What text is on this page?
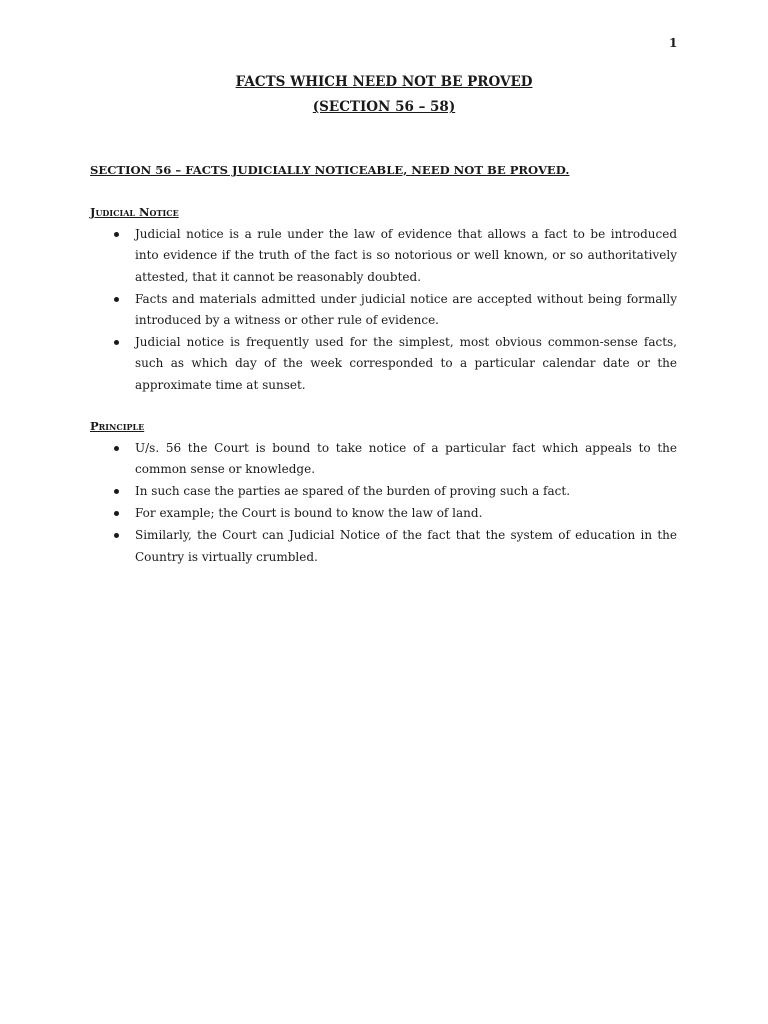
1
FACTS WHICH NEED NOT BE PROVED
(SECTION 56 – 58)
SECTION 56 – FACTS JUDICIALLY NOTICEABLE, NEED NOT BE PROVED.
Judicial Notice
Judicial notice is a rule under the law of evidence that allows a fact to be introduced into evidence if the truth of the fact is so notorious or well known, or so authoritatively attested, that it cannot be reasonably doubted.
Facts and materials admitted under judicial notice are accepted without being formally introduced by a witness or other rule of evidence.
Judicial notice is frequently used for the simplest, most obvious common-sense facts, such as which day of the week corresponded to a particular calendar date or the approximate time at sunset.
Principle
U/s. 56 the Court is bound to take notice of a particular fact which appeals to the common sense or knowledge.
In such case the parties ae spared of the burden of proving such a fact.
For example; the Court is bound to know the law of land.
Similarly, the Court can Judicial Notice of the fact that the system of education in the Country is virtually crumbled.
